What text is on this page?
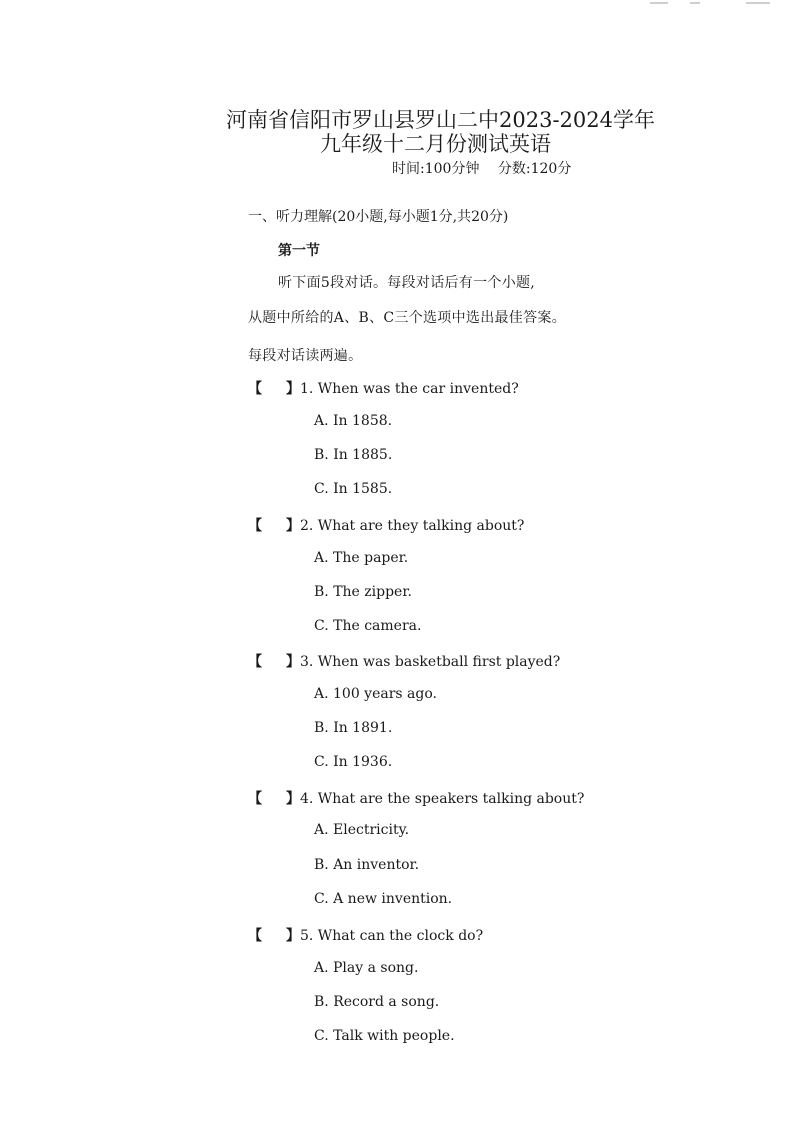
河南省信阳市罗山县罗山二中2023-2024学年
九年级十二月份测试英语
时间:100分钟 分数:120分
一、听力理解(20小题,每小题1分,共20分)
第一节
听下面5段对话。每段对话后有一个小题,
从题中所给的A、B、C三个选项中选出最佳答案。
每段对话读两遍。
【 】1. When was the car invented?
A. In 1858.
B. In 1885.
C. In 1585.
【 】2. What are they talking about?
A. The paper.
B. The zipper.
C. The camera.
【 】3. When was basketball first played?
A. 100 years ago.
B. In 1891.
C. In 1936.
【 】4. What are the speakers talking about?
A. Electricity.
B. An inventor.
C. A new invention.
【 】5. What can the clock do?
A. Play a song.
B. Record a song.
C. Talk with people.
